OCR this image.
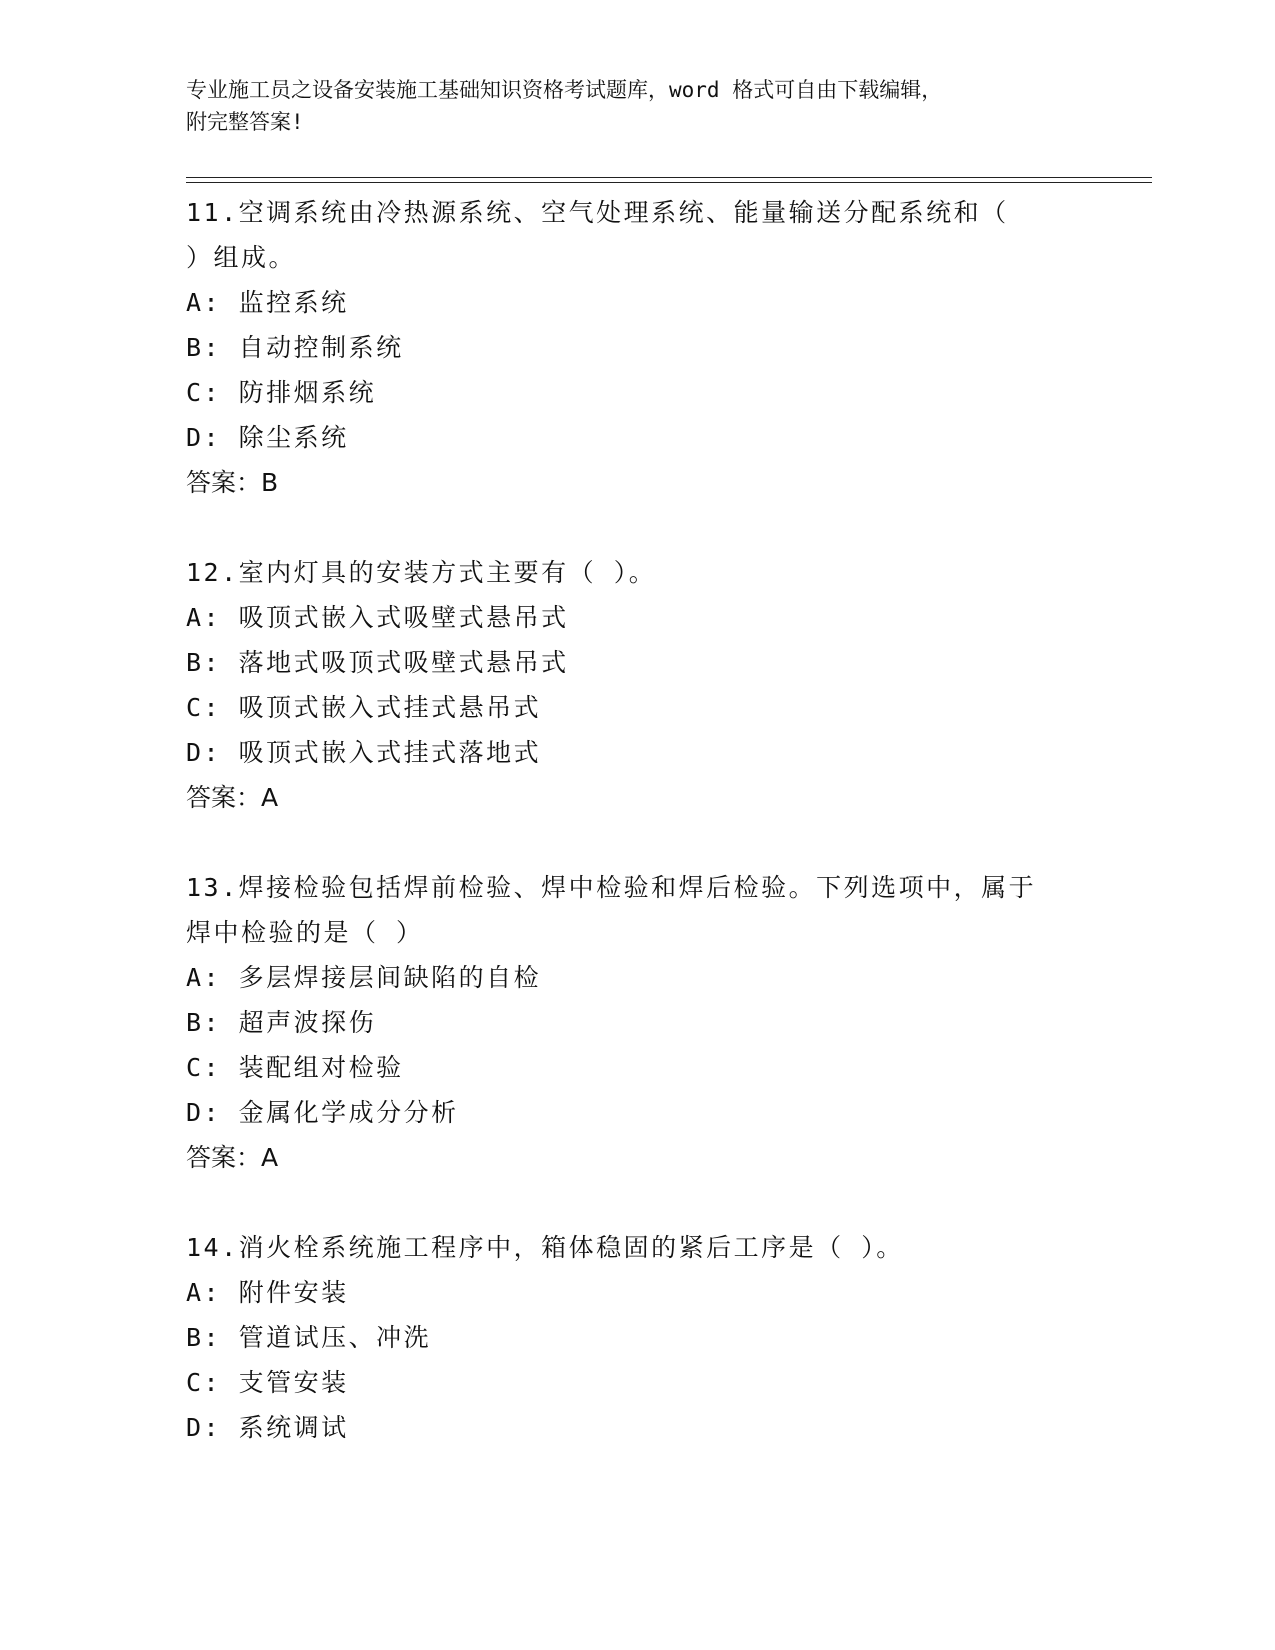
专业施工员之设备安装施工基础知识资格考试题库，word 格式可自由下载编辑，
附完整答案!
11.空调系统由冷热源系统、空气处理系统、能量输送分配系统和（
）组成。
A: 监控系统
B: 自动控制系统
C: 防排烟系统
D: 除尘系统
答案：B
12.室内灯具的安装方式主要有（ ）。
A: 吸顶式嵌入式吸壁式悬吊式
B: 落地式吸顶式吸壁式悬吊式
C: 吸顶式嵌入式挂式悬吊式
D: 吸顶式嵌入式挂式落地式
答案：A
13.焊接检验包括焊前检验、焊中检验和焊后检验。下列选项中，属于
焊中检验的是（ ）
A: 多层焊接层间缺陷的自检
B: 超声波探伤
C: 装配组对检验
D: 金属化学成分分析
答案：A
14.消火栓系统施工程序中，箱体稳固的紧后工序是（ ）。
A: 附件安装
B: 管道试压、冲洗
C: 支管安装
D: 系统调试
